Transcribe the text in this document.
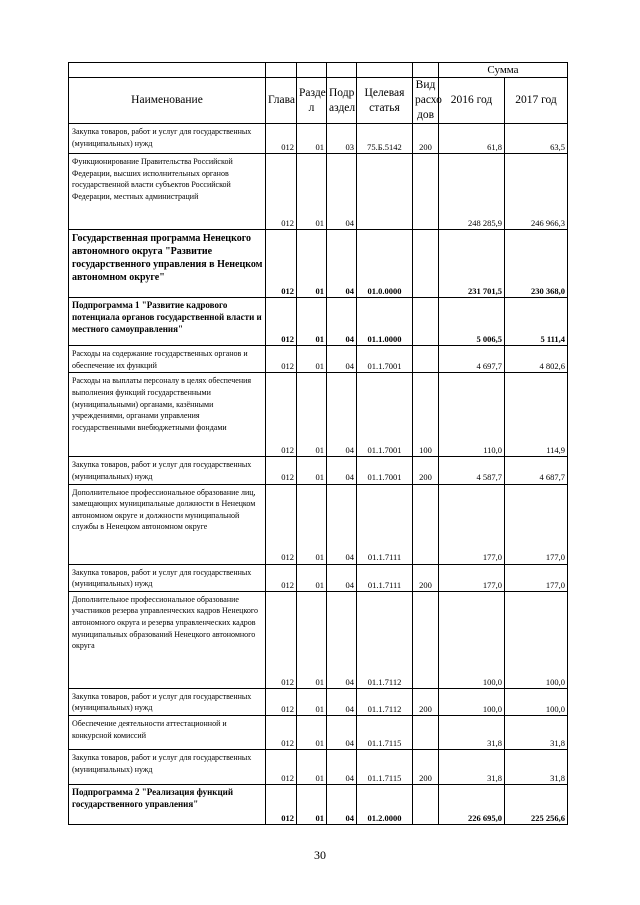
						Сумма	
Наименование	Глава	Разде л	Подр аздел	Целевая статья	Вид расхо дов	2016 год	2017 год
Закупка товаров, работ и услуг для государственных (муниципальных) нужд	012	01	03	75.Б.5142	200	61,8	63,5
Функционирование Правительства Российской Федерации, высших исполнительных органов государственной власти субъектов Российской Федерации, местных администраций	012	01	04			248 285,9	246 966,3
Государственная программа Ненецкого автономного округа "Развитие государственного управления в Ненецком автономном округе"	012	01	04	01.0.0000		231 701,5	230 368,0
Подпрограмма 1 "Развитие кадрового потенциала органов государственной власти и местного самоуправления"	012	01	04	01.1.0000		5 006,5	5 111,4
Расходы на содержание государственных органов и обеспечение их функций	012	01	04	01.1.7001		4 697,7	4 802,6
Расходы на выплаты персоналу в целях обеспечения выполнения функций государственными (муниципальными) органами, казёнными учреждениями, органами управления государственными внебюджетными фондами	012	01	04	01.1.7001	100	110,0	114,9
Закупка товаров, работ и услуг для государственных (муниципальных) нужд	012	01	04	01.1.7001	200	4 587,7	4 687,7
Дополнительное профессиональное образование лиц, замещающих муниципальные должности в Ненецком автономном округе и должности муниципальной службы в Ненецком автономном округе	012	01	04	01.1.7111		177,0	177,0
Закупка товаров, работ и услуг для государственных (муниципальных) нужд	012	01	04	01.1.7111	200	177,0	177,0
Дополнительное профессиональное образование участников резерва управленческих кадров Ненецкого автономного округа и резерва управленческих кадров муниципальных образований Ненецкого автономного округа	012	01	04	01.1.7112		100,0	100,0
Закупка товаров, работ и услуг для государственных (муниципальных) нужд	012	01	04	01.1.7112	200	100,0	100,0
Обеспечение деятельности аттестационной и конкурсной комиссий	012	01	04	01.1.7115		31,8	31,8
Закупка товаров, работ и услуг для государственных (муниципальных) нужд	012	01	04	01.1.7115	200	31,8	31,8
Подпрограмма 2 "Реализация функций государственного управления"	012	01	04	01.2.0000		226 695,0	225 256,6
30
